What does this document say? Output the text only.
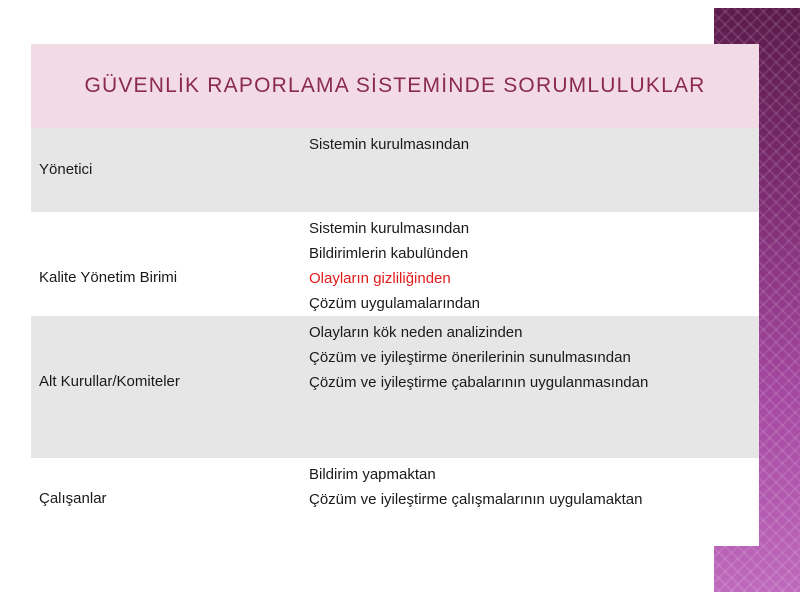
GÜVENLİK RAPORLAMA SİSTEMİNDE SORUMLULUKLAR
Yönetici
Sistemin kurulmasından
Kalite Yönetim Birimi
Sistemin kurulmasından
Bildirimlerin kabulünden
Olayların gizliliğinden
Çözüm uygulamalarından
Alt Kurullar/Komiteler
Olayların kök neden analizinden
Çözüm ve iyileştirme önerilerinin sunulmasından
Çözüm ve iyileştirme çabalarının uygulanmasından
Çalışanlar
Bildirim yapmaktan
Çözüm ve iyileştirme çalışmalarının uygulamaktan
